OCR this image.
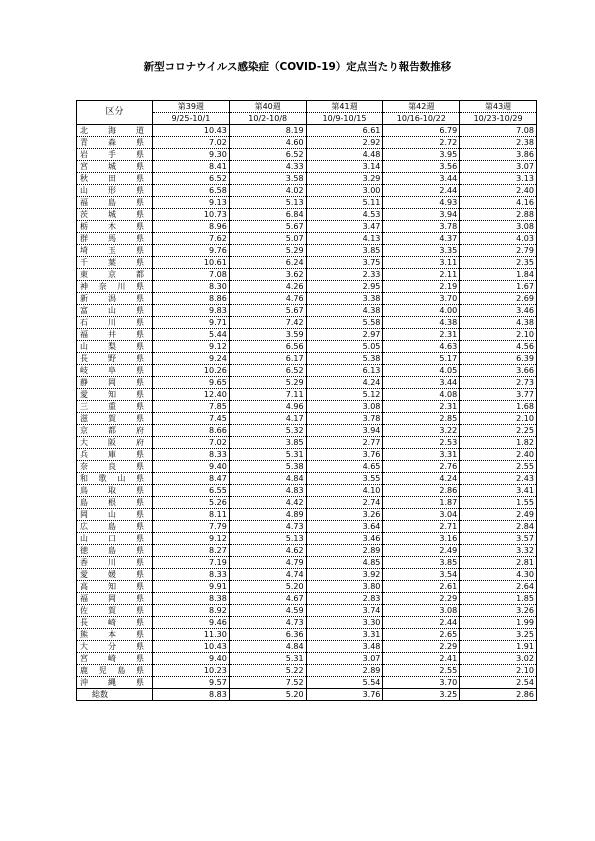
新型コロナウイルス感染症（COVID-19）定点当たり報告数推移
区分	第39週	第40週	第41週	第42週	第43週
	9/25-10/1	10/2-10/8	10/9-10/15	10/16-10/22	10/23-10/29
北海道	10.43	8.19	6.61	6.79	7.08
青森県	7.02	4.60	2.92	2.72	2.38
岩手県	9.30	6.52	4.48	3.95	3.86
宮城県	8.41	4.33	3.14	3.56	3.07
秋田県	6.52	3.58	3.29	3.44	3.13
山形県	6.58	4.02	3.00	2.44	2.40
福島県	9.13	5.13	5.11	4.93	4.16
茨城県	10.73	6.84	4.53	3.94	2.88
栃木県	8.96	5.67	3.47	3.78	3.08
群馬県	7.62	5.07	4.13	4.37	4.03
埼玉県	9.76	5.29	3.85	3.35	2.79
千葉県	10.61	6.24	3.75	3.11	2.35
東京都	7.08	3.62	2.33	2.11	1.84
神奈川県	8.30	4.26	2.95	2.19	1.67
新潟県	8.86	4.76	3.38	3.70	2.69
富山県	9.83	5.67	4.38	4.00	3.46
石川県	9.71	7.42	5.58	4.38	4.38
福井県	5.44	3.59	2.97	2.31	2.10
山梨県	9.12	6.56	5.05	4.63	4.56
長野県	9.24	6.17	5.38	5.17	6.39
岐阜県	10.26	6.52	6.13	4.05	3.66
静岡県	9.65	5.29	4.24	3.44	2.73
愛知県	12.40	7.11	5.12	4.08	3.77
三重県	7.85	4.96	3.08	2.31	1.68
滋賀県	7.45	4.17	3.78	2.85	2.10
京都府	8.66	5.32	3.94	3.22	2.25
大阪府	7.02	3.85	2.77	2.53	1.82
兵庫県	8.33	5.31	3.76	3.31	2.40
奈良県	9.40	5.38	4.65	2.76	2.55
和歌山県	8.47	4.84	3.55	4.24	2.43
鳥取県	6.55	4.83	4.10	2.86	3.41
島根県	5.26	4.42	2.74	1.87	1.55
岡山県	8.11	4.89	3.26	3.04	2.49
広島県	7.79	4.73	3.64	2.71	2.84
山口県	9.12	5.13	3.46	3.16	3.57
徳島県	8.27	4.62	2.89	2.49	3.32
香川県	7.19	4.79	4.85	3.85	2.81
愛媛県	8.33	4.74	3.92	3.54	4.30
高知県	9.91	5.20	3.80	2.61	2.64
福岡県	8.38	4.67	2.83	2.29	1.85
佐賀県	8.92	4.59	3.74	3.08	3.26
長崎県	9.46	4.73	3.30	2.44	1.99
熊本県	11.30	6.36	3.31	2.65	3.25
大分県	10.43	4.84	3.48	2.29	1.91
宮崎県	9.40	5.31	3.07	2.41	3.02
鹿児島県	10.23	5.22	2.89	2.55	2.10
沖縄県	9.57	7.52	5.54	3.70	2.54
総数	8.83	5.20	3.76	3.25	2.86
